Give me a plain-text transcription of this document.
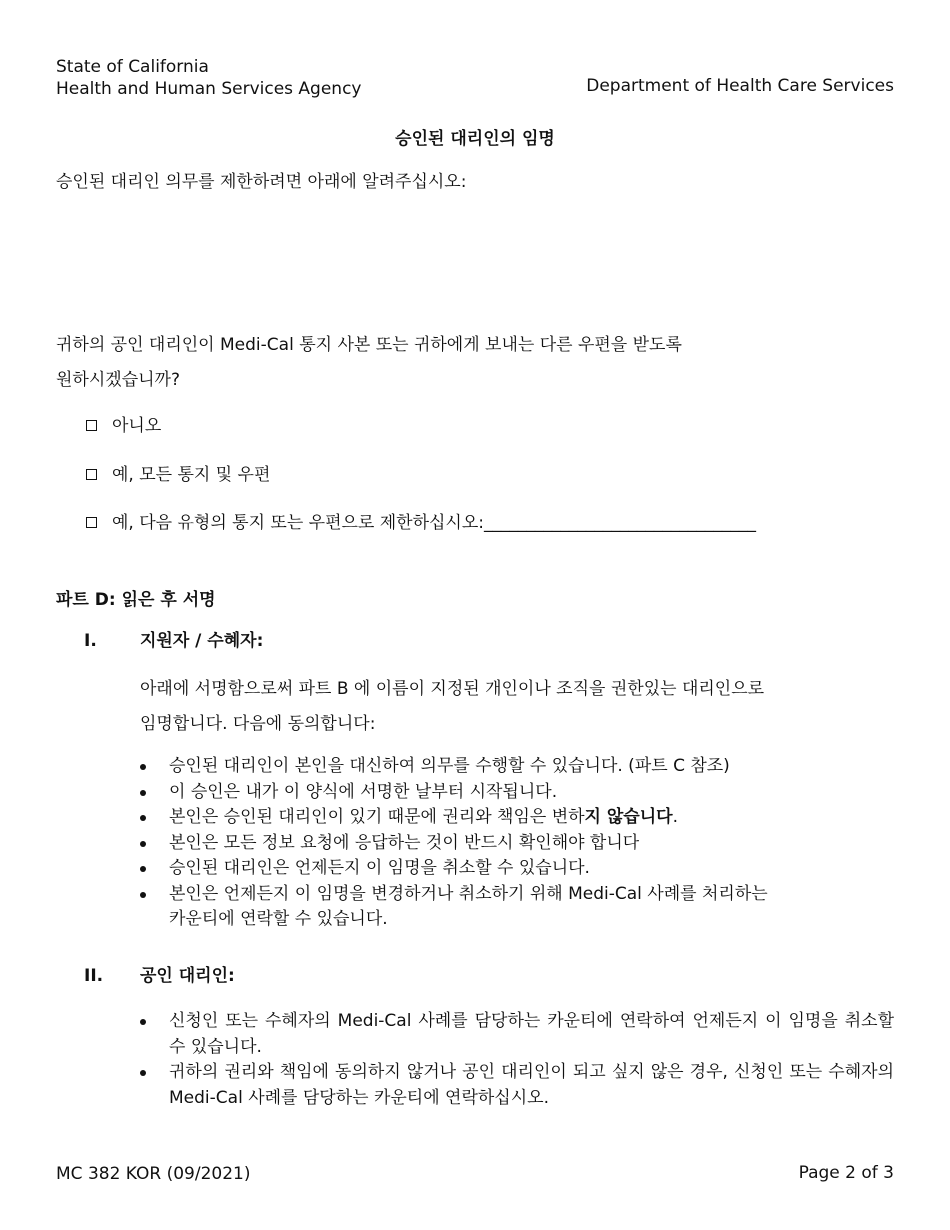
State of California
Health and Human Services Agency	Department of Health Care Services
승인된 대리인의 임명
승인된 대리인 의무를 제한하려면 아래에 알려주십시오:
귀하의 공인 대리인이 Medi-Cal 통지 사본 또는 귀하에게 보내는 다른 우편을 받도록
원하시겠습니까?
아니오
예, 모든 통지 및 우편
예, 다음 유형의 통지 또는 우편으로 제한하십시오:________________________________
파트 D: 읽은 후 서명
I.	지원자 / 수혜자:
아래에 서명함으로써 파트 B 에 이름이 지정된 개인이나 조직을 권한있는 대리인으로
임명합니다. 다음에 동의합니다:
승인된 대리인이 본인을 대신하여 의무를 수행할 수 있습니다. (파트 C 참조)
이 승인은 내가 이 양식에 서명한 날부터 시작됩니다.
본인은 승인된 대리인이 있기 때문에 권리와 책임은 변하지 않습니다.
본인은 모든 정보 요청에 응답하는 것이 반드시 확인해야 합니다
승인된 대리인은 언제든지 이 임명을 취소할 수 있습니다.
본인은 언제든지 이 임명을 변경하거나 취소하기 위해 Medi-Cal 사례를 처리하는
카운티에 연락할 수 있습니다.
II. 공인 대리인:
신청인 또는 수혜자의 Medi-Cal 사례를 담당하는 카운티에 연락하여 언제든지 이 임명을 취소할 수 있습니다.
귀하의 권리와 책임에 동의하지 않거나 공인 대리인이 되고 싶지 않은 경우, 신청인 또는 수혜자의 Medi-Cal 사례를 담당하는 카운티에 연락하십시오.
MC 382 KOR (09/2021)	Page 2 of 3
